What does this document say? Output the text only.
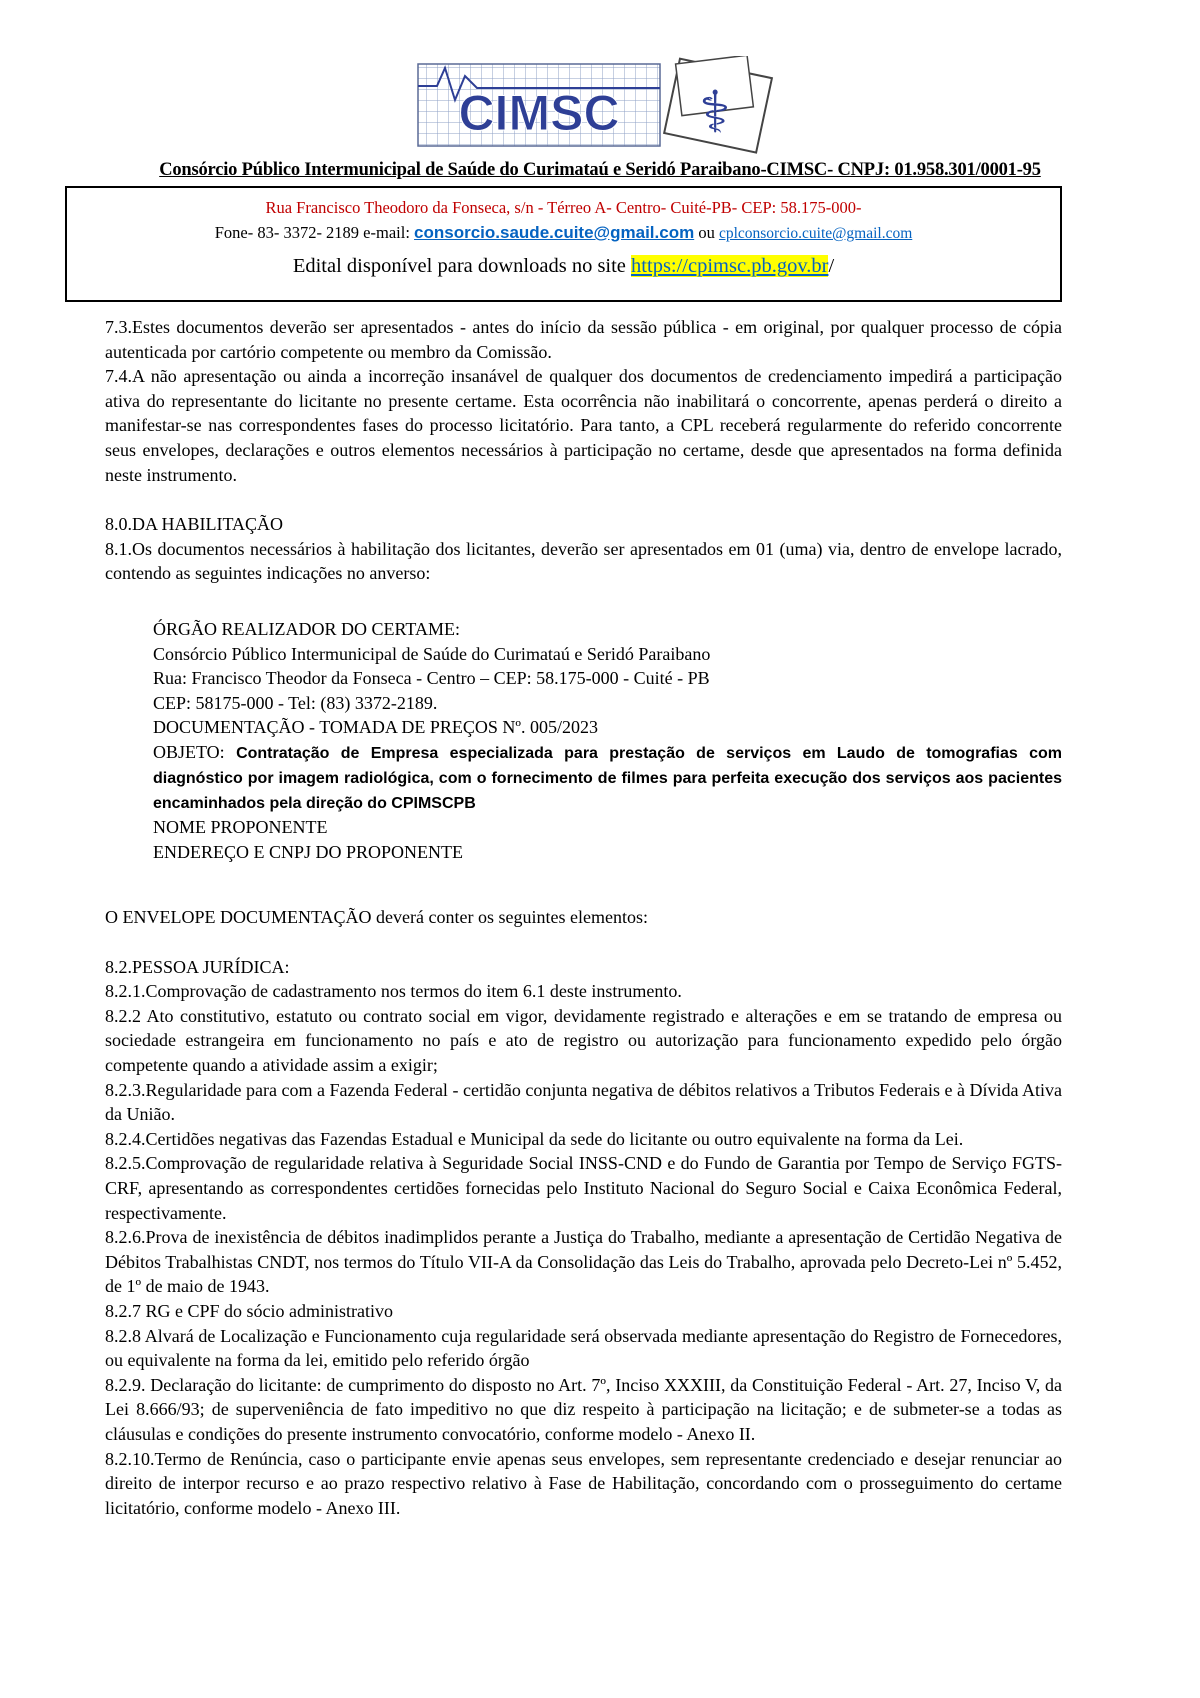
CIMSC ⚕
Consórcio Público Intermunicipal de Saúde do Curimataú e Seridó Paraibano-CIMSC- CNPJ: 01.958.301/0001-95
Rua Francisco Theodoro da Fonseca, s/n - Térreo A- Centro- Cuité-PB- CEP: 58.175-000-
Fone- 83- 3372- 2189 e-mail: consorcio.saude.cuite@gmail.com ou cplconsorcio.cuite@gmail.com
Edital disponível para downloads no site https://cpimsc.pb.gov.br/

7.3.Estes documentos deverão ser apresentados - antes do início da sessão pública - em original, por qualquer processo de cópia autenticada por cartório competente ou membro da Comissão.

7.4.A não apresentação ou ainda a incorreção insanável de qualquer dos documentos de credenciamento impedirá a participação ativa do representante do licitante no presente certame. Esta ocorrência não inabilitará o concorrente, apenas perderá o direito a manifestar-se nas correspondentes fases do processo licitatório. Para tanto, a CPL receberá regularmente do referido concorrente seus envelopes, declarações e outros elementos necessários à participação no certame, desde que apresentados na forma definida neste instrumento.

8.0.DA HABILITAÇÃO

8.1.Os documentos necessários à habilitação dos licitantes, deverão ser apresentados em 01 (uma) via, dentro de envelope lacrado, contendo as seguintes indicações no anverso:

ÓRGÃO REALIZADOR DO CERTAME:

Consórcio Público Intermunicipal de Saúde do Curimataú e Seridó Paraibano

Rua: Francisco Theodor da Fonseca - Centro – CEP: 58.175-000 - Cuité - PB

CEP: 58175-000 - Tel: (83) 3372-2189.

DOCUMENTAÇÃO - TOMADA DE PREÇOS Nº. 005/2023

OBJETO: Contratação de Empresa especializada para prestação de serviços em Laudo de tomografias com diagnóstico por imagem radiológica, com o fornecimento de filmes para perfeita execução dos serviços aos pacientes encaminhados pela direção do CPIMSCPB

NOME PROPONENTE

ENDEREÇO E CNPJ DO PROPONENTE

O ENVELOPE DOCUMENTAÇÃO deverá conter os seguintes elementos:

8.2.PESSOA JURÍDICA:

8.2.1.Comprovação de cadastramento nos termos do item 6.1 deste instrumento.

8.2.2 Ato constitutivo, estatuto ou contrato social em vigor, devidamente registrado e alterações e em se tratando de empresa ou sociedade estrangeira em funcionamento no país e ato de registro ou autorização para funcionamento expedido pelo órgão competente quando a atividade assim a exigir;

8.2.3.Regularidade para com a Fazenda Federal - certidão conjunta negativa de débitos relativos a Tributos Federais e à Dívida Ativa da União.

8.2.4.Certidões negativas das Fazendas Estadual e Municipal da sede do licitante ou outro equivalente na forma da Lei.

8.2.5.Comprovação de regularidade relativa à Seguridade Social INSS-CND e do Fundo de Garantia por Tempo de Serviço FGTS-CRF, apresentando as correspondentes certidões fornecidas pelo Instituto Nacional do Seguro Social e Caixa Econômica Federal, respectivamente.

8.2.6.Prova de inexistência de débitos inadimplidos perante a Justiça do Trabalho, mediante a apresentação de Certidão Negativa de Débitos Trabalhistas CNDT, nos termos do Título VII-A da Consolidação das Leis do Trabalho, aprovada pelo Decreto-Lei nº 5.452, de 1º de maio de 1943.

8.2.7 RG e CPF do sócio administrativo

8.2.8 Alvará de Localização e Funcionamento cuja regularidade será observada mediante apresentação do Registro de Fornecedores, ou equivalente na forma da lei, emitido pelo referido órgão

8.2.9. Declaração do licitante: de cumprimento do disposto no Art. 7º, Inciso XXXIII, da Constituição Federal - Art. 27, Inciso V, da Lei 8.666/93; de superveniência de fato impeditivo no que diz respeito à participação na licitação; e de submeter-se a todas as cláusulas e condições do presente instrumento convocatório, conforme modelo - Anexo II.

8.2.10.Termo de Renúncia, caso o participante envie apenas seus envelopes, sem representante credenciado e desejar renunciar ao direito de interpor recurso e ao prazo respectivo relativo à Fase de Habilitação, concordando com o prosseguimento do certame licitatório, conforme modelo - Anexo III.
